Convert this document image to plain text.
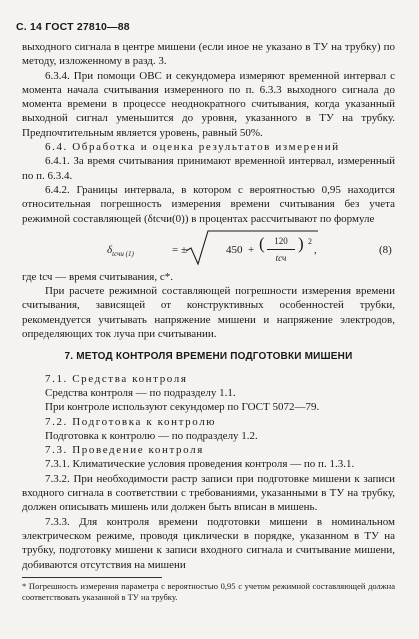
С. 14 ГОСТ 27810—88

выходного сигнала в центре мишени (если иное не указано в ТУ на трубку) по методу, изложенному в разд. 3.

6.3.4. При помощи ОВС и секундомера измеряют временной интервал с момента начала считывания измеренного по п. 6.3.3 выходного сигнала до момента времени в процессе неоднократного считывания, когда указанный выходной сигнал уменьшится до уровня, указанного в ТУ на трубку. Предпочтительным является уровень, равный 50%.

6.4. Обработка и оценка результатов измерений

6.4.1. За время считывания принимают временной интервал, измеренный по п. 6.3.4.

6.4.2. Границы интервала, в котором с вероятностью 0,95 находится относительная погрешность измерения времени считывания без учета режимной составляющей (δtсчи(0)) в процентах рассчитывают по формуле

$\delta_{tсчи (1)}$	= ±	450 + (	120
tсч
) 2
,	(8)

где tсч — время считывания, с*.

При расчете режимной составляющей погрешности измерения времени считывания, зависящей от конструктивных особенностей трубки, рекомендуется учитывать напряжение мишени и напряжение электродов, определяющих ток луча при считывании.

7. МЕТОД КОНТРОЛЯ ВРЕМЕНИ ПОДГОТОВКИ МИШЕНИ

7.1. Средства контроля

Средства контроля — по подразделу 1.1.

При контроле используют секундомер по ГОСТ 5072—79.

7.2. Подготовка к контролю

Подготовка к контролю — по подразделу 1.2.

7.3. Проведение контроля

7.3.1. Климатические условия проведения контроля — по п. 1.3.1.

7.3.2. При необходимости растр записи при подготовке мишени к записи входного сигнала в соответствии с требованиями, указанными в ТУ на трубку, должен описывать мишень или должен быть вписан в мишень.

7.3.3. Для контроля времени подготовки мишени в номинальном электрическом режиме, проводя циклически в порядке, указанном в ТУ на трубку, подготовку мишени к записи входного сигнала и считывание мишени, добиваются отсутствия на мишени

* Погрешность измерения параметра с вероятностью 0,95 с учетом режимной составляющей должна соответствовать указанной в ТУ на трубку.
